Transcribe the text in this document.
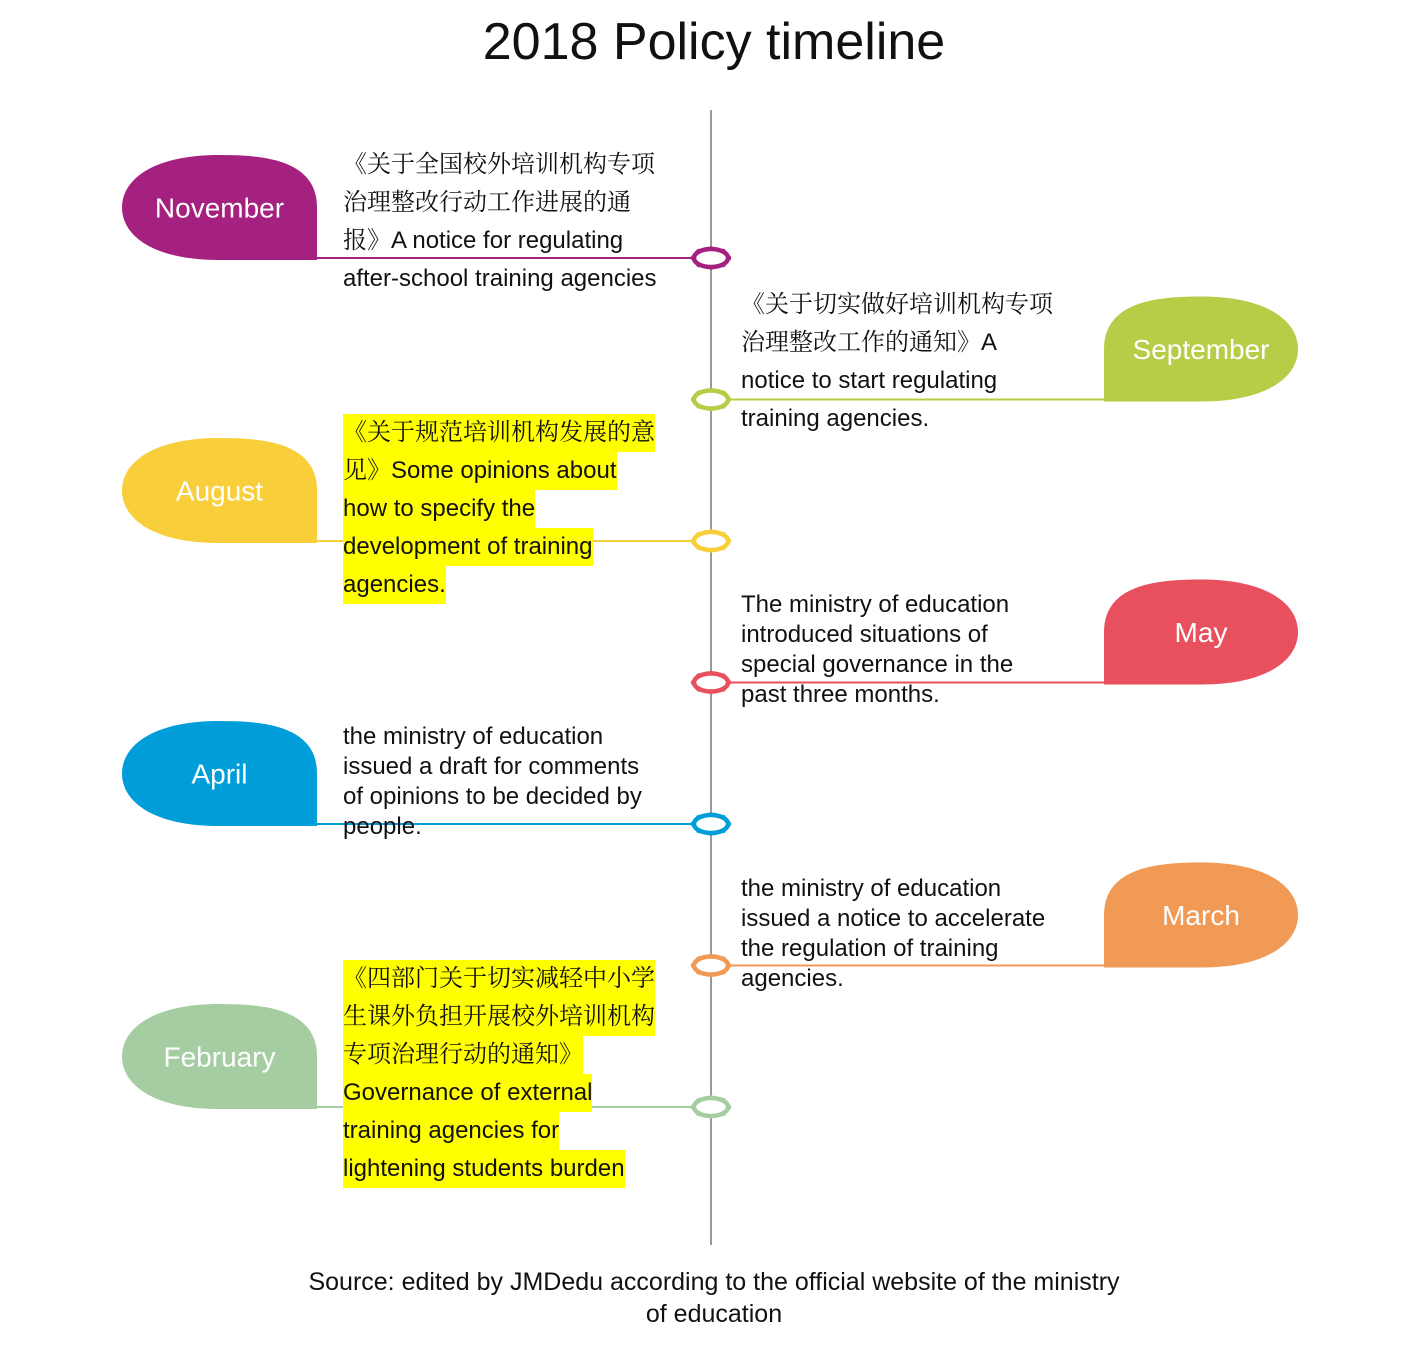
2018 Policy timeline
November
September
August
May
April
March
February
《关于全国校外培训机构专项
治理整改行动工作进展的通
报》A notice for regulating
after-school training agencies
《关于切实做好培训机构专项
治理整改工作的通知》A
notice to start regulating
training agencies.
《关于规范培训机构发展的意
见》Some opinions about
how to specify the
development of training
agencies.
The ministry of education
introduced situations of
special governance in the
past three months.
the ministry of education
issued a draft for comments
of opinions to be decided by
people.
the ministry of education
issued a notice to accelerate
the regulation of training
agencies.
《四部门关于切实减轻中小学
生课外负担开展校外培训机构
专项治理行动的通知》
Governance of external
training agencies for
lightening students burden
Source: edited by JMDedu according to the official website of the ministry
of education
